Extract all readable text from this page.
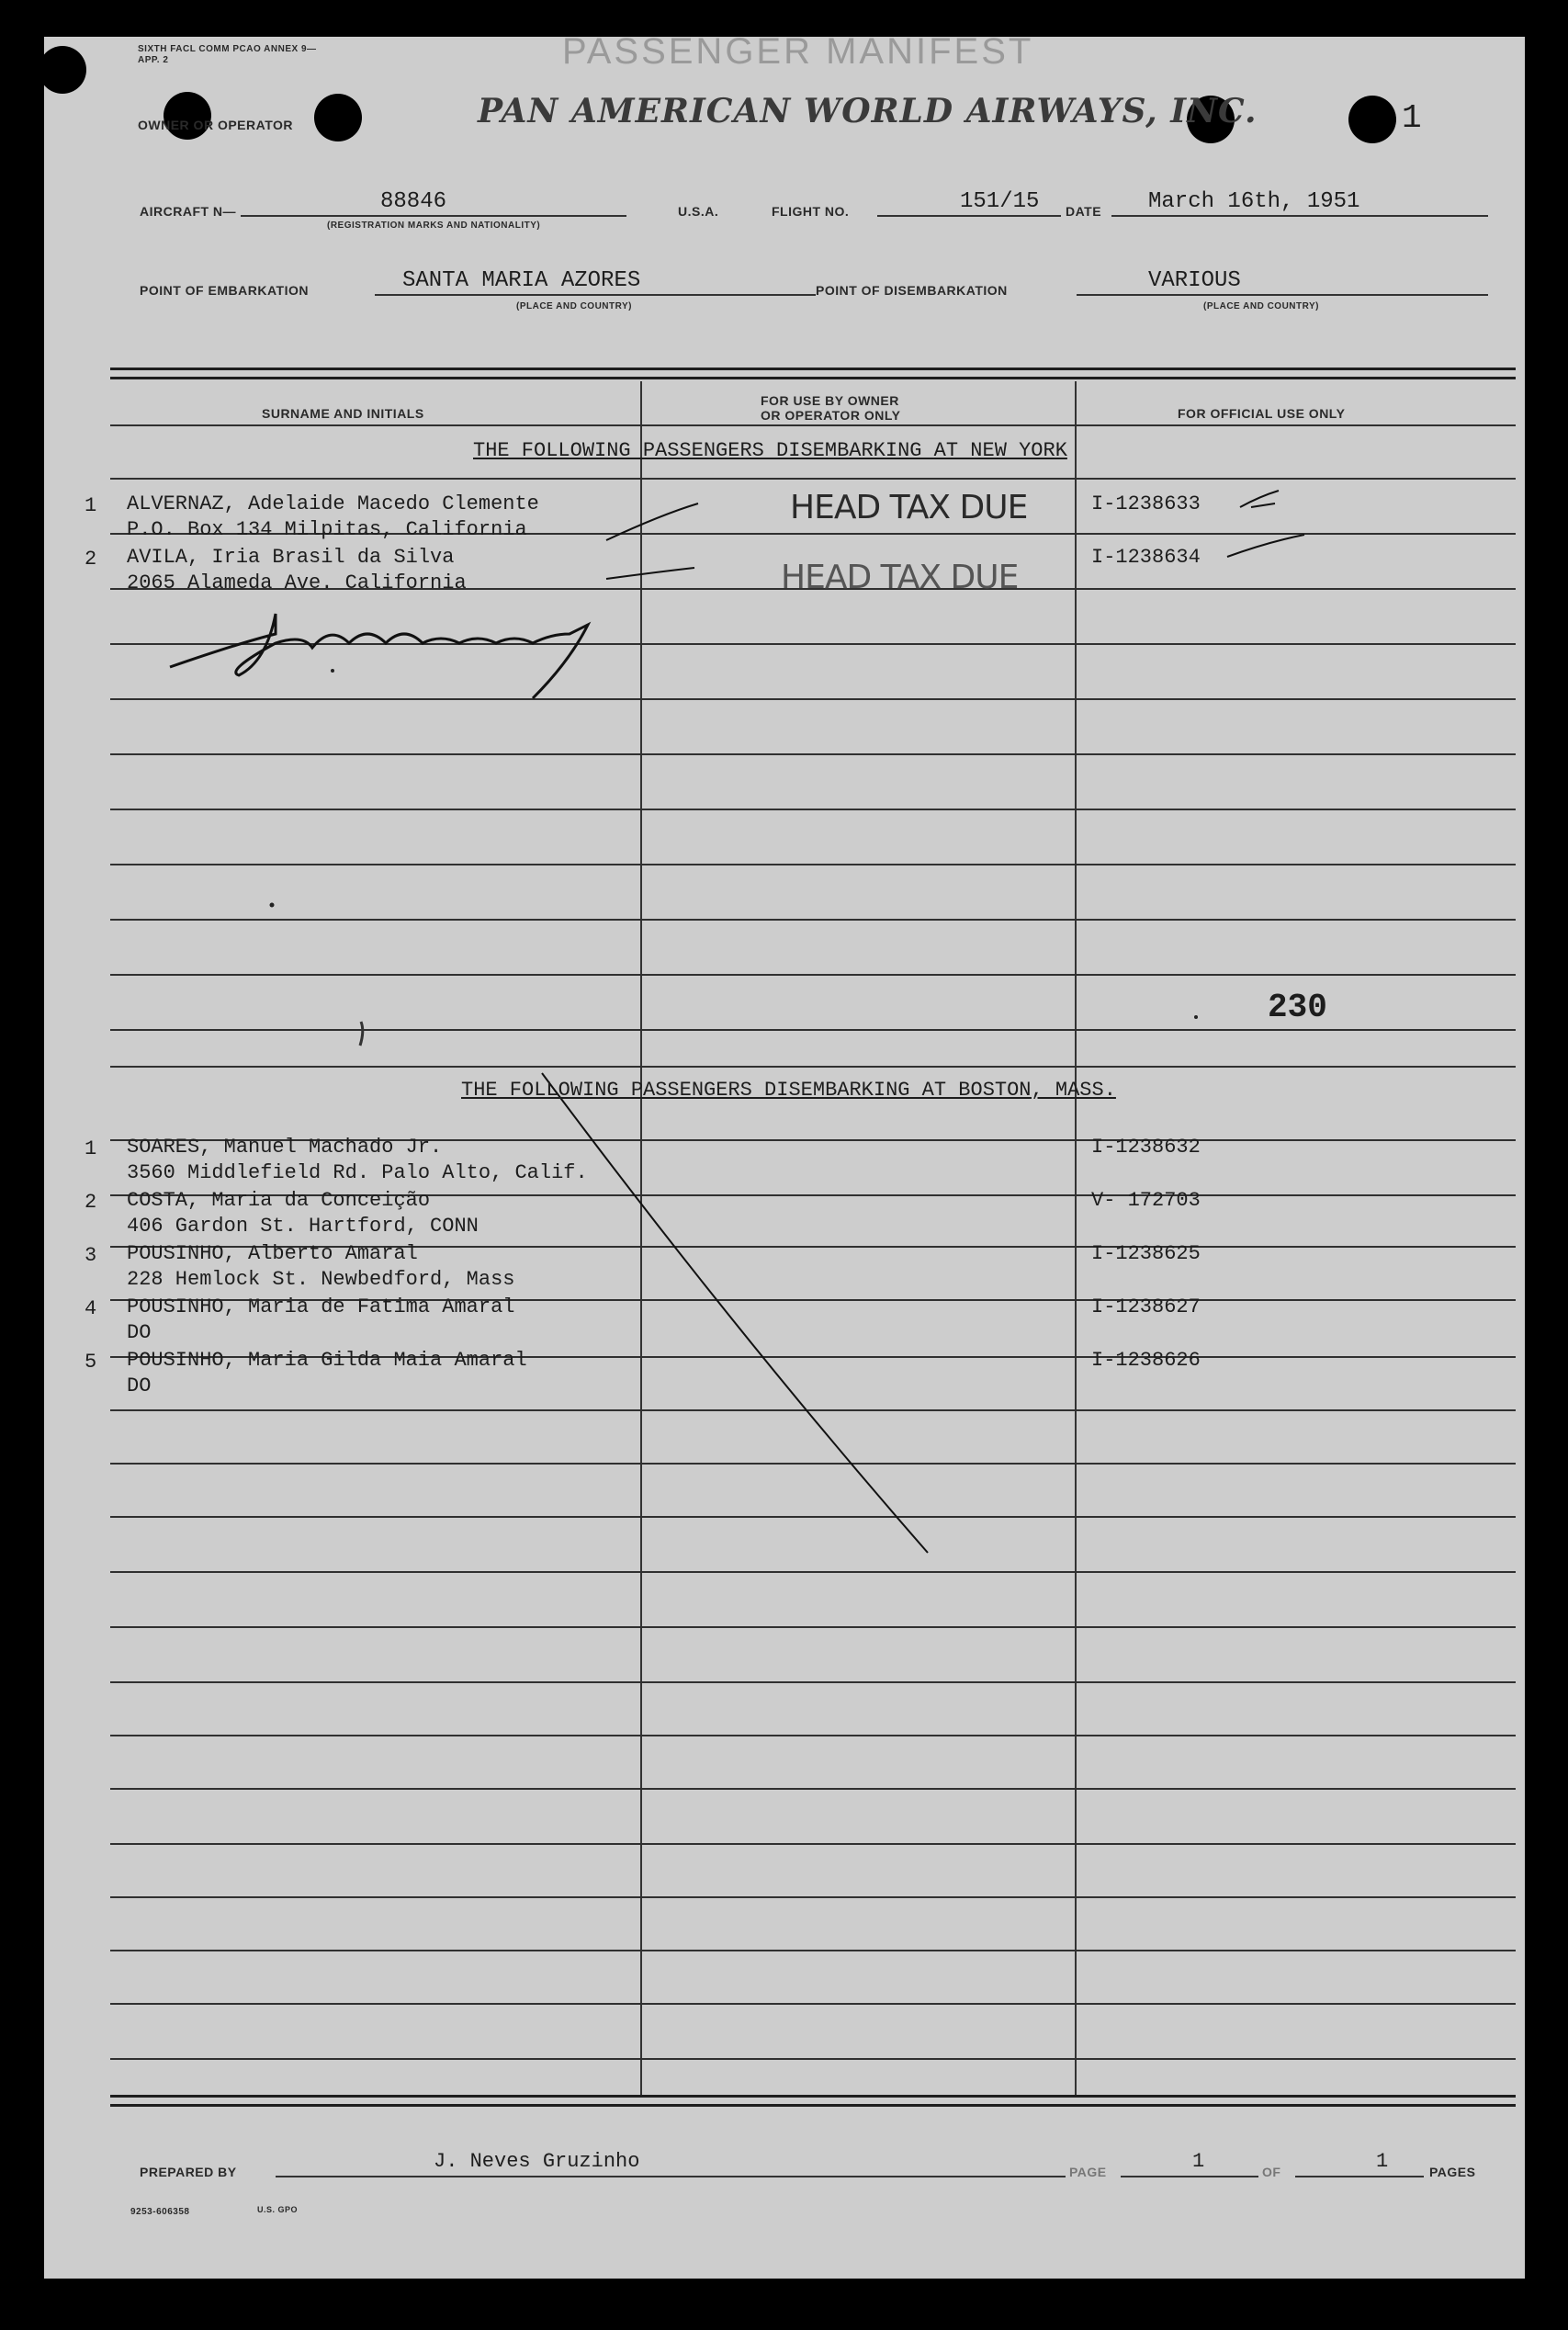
SIXTH FACL COMM PCAO ANNEX 9—APP. 2	PASSENGER MANIFEST
OWNER OR OPERATOR	PAN AMERICAN WORLD AIRWAYS, INC.	1
AIRCRAFT N—	88846
(REGISTRATION MARKS AND NATIONALITY)
U.S.A.	FLIGHT NO.	151/15 DATE March 16th, 1951
POINT OF EMBARKATION	SANTA MARIA AZORES
(PLACE AND COUNTRY)
POINT OF DISEMBARKATION	VARIOUS
(PLACE AND COUNTRY)
SURNAME AND INITIALS
FOR USE BY OWNER
OR OPERATOR ONLY	FOR OFFICIAL USE ONLY
THE FOLLOWING PASSENGERS DISEMBARKING AT NEW YORK
1 ALVERNAZ, Adelaide Macedo Clemente
P.O. Box 134 Milpitas, California
HEAD TAX DUE	I-1238633
2 AVILA, Iria Brasil da Silva
2065 Alameda Ave. California	HEAD TAX DUE
I-1238634
230
THE FOLLOWING PASSENGERS DISEMBARKING AT BOSTON, MASS.
1 SOARES, Manuel Machado Jr.
3560 Middlefield Rd. Palo Alto, Calif.
I-1238632
2 COSTA, Maria da Conceição
406 Gardon St. Hartford, CONN
V- 172703
3 POUSINHO, Alberto Amaral
228 Hemlock St. Newbedford, Mass
I-1238625
4 POUSINHO, Maria de Fatima Amaral
DO
I-1238627
5 POUSINHO, Maria Gilda Maia Amaral
DO
I-1238626
PREPARED BY	J. Neves Gruzinho	PAGE	1	OF	1	PAGES
9253-606358	U.S. GPO
